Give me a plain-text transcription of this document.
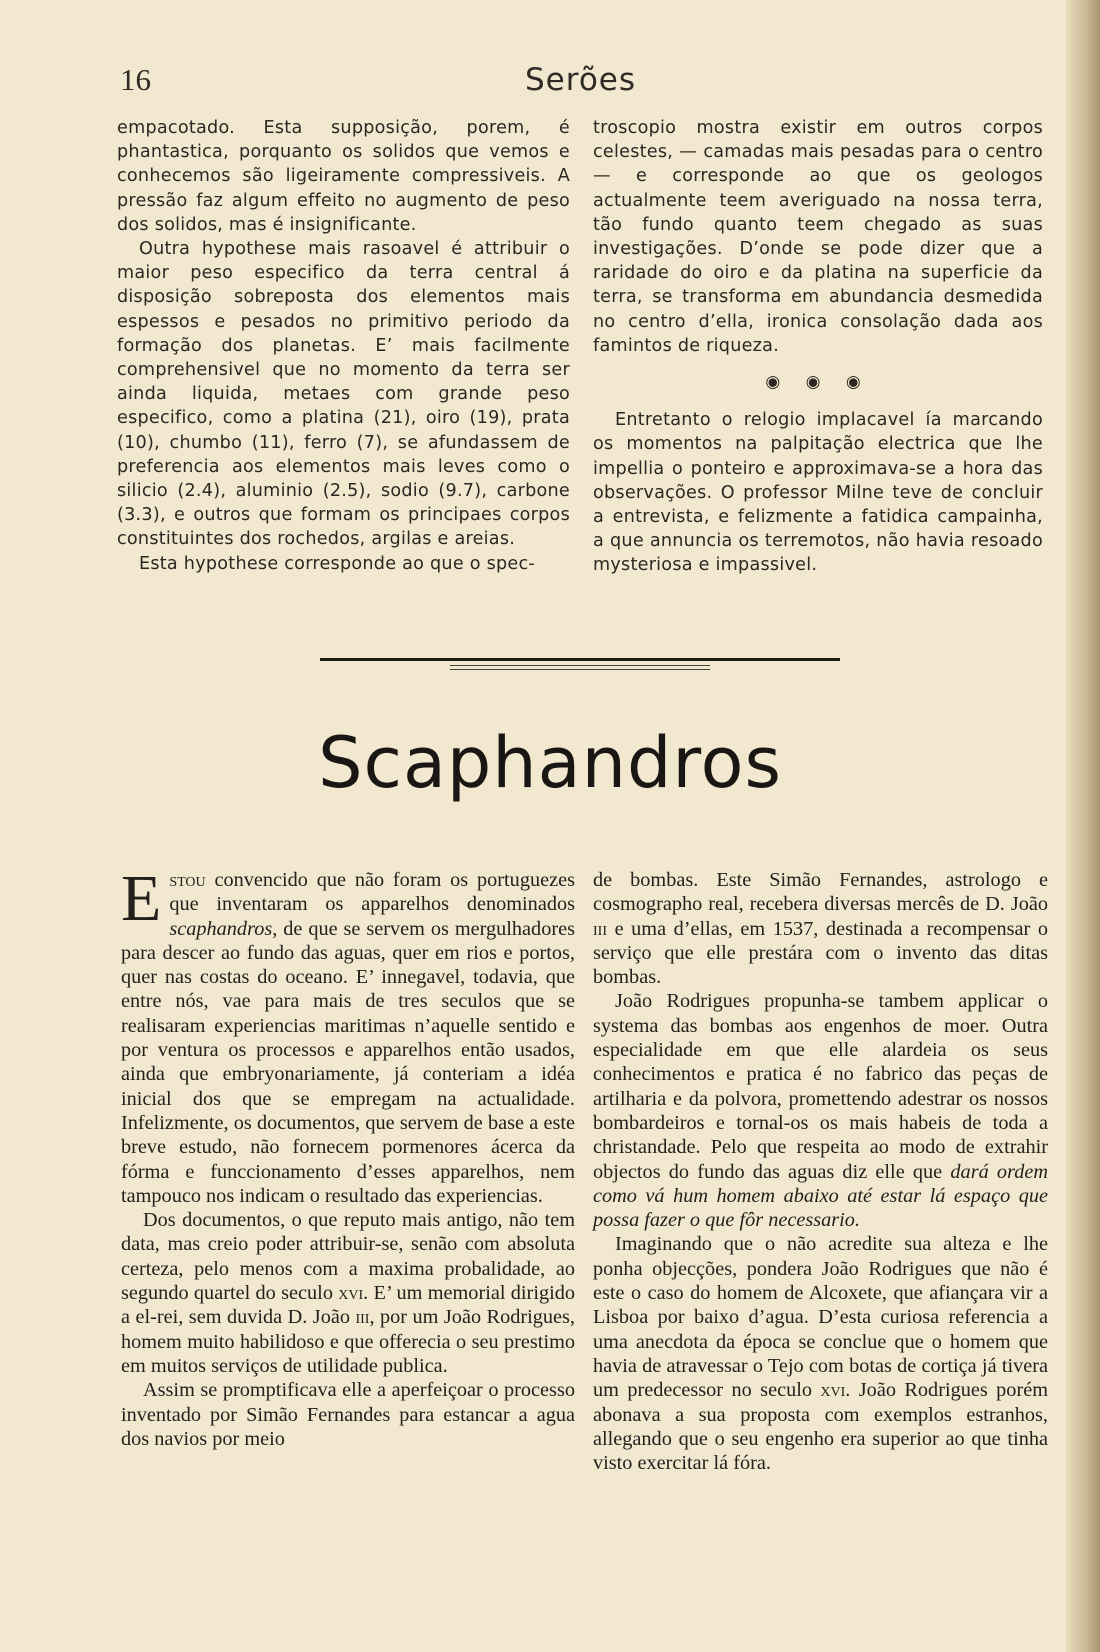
16	Serões

empacotado. Esta supposição, porem, é phantastica, porquanto os solidos que vemos e conhecemos são ligeiramente compressiveis. A pressão faz algum effeito no augmento de peso dos solidos, mas é insignificante.

Outra hypothese mais rasoavel é attribuir o maior peso especifico da terra central á disposição sobreposta dos elementos mais espessos e pesados no primitivo periodo da formação dos planetas. E’ mais facilmente comprehensivel que no momento da terra ser ainda liquida, metaes com grande peso especifico, como a platina (21), oiro (19), prata (10), chumbo (11), ferro (7), se afundassem de preferencia aos elementos mais leves como o silicio (2.4), aluminio (2.5), sodio (9.7), carbone (3.3), e outros que formam os principaes corpos constituintes dos rochedos, argilas e areias.

Esta hypothese corresponde ao que o spec-

troscopio mostra existir em outros corpos celestes, — camadas mais pesadas para o centro — e corresponde ao que os geologos actualmente teem averiguado na nossa terra, tão fundo quanto teem chegado as suas investigações. D’onde se pode dizer que a raridade do oiro e da platina na superficie da terra, se transforma em abundancia desmedida no centro d’ella, ironica consolação dada aos famintos de riqueza.

◉ ◉ ◉

Entretanto o relogio implacavel ía marcando os momentos na palpitação electrica que lhe impellia o ponteiro e approximava-se a hora das observações. O professor Milne teve de concluir a entrevista, e felizmente a fatidica campainha, a que annuncia os terremotos, não havia resoado mysteriosa e impassivel.

Scaphandros

Estou convencido que não foram os portuguezes que inventaram os apparelhos denominados scaphandros, de que se servem os mergulhadores para descer ao fundo das aguas, quer em rios e portos, quer nas costas do oceano. E’ innegavel, todavia, que entre nós, vae para mais de tres seculos que se realisaram experiencias maritimas n’aquelle sentido e por ventura os processos e apparelhos então usados, ainda que embryonariamente, já conteriam a idéa inicial dos que se empregam na actualidade. Infelizmente, os documentos, que servem de base a este breve estudo, não fornecem pormenores ácerca da fórma e funccionamento d’esses apparelhos, nem tampouco nos indicam o resultado das experiencias.

Dos documentos, o que reputo mais antigo, não tem data, mas creio poder attribuir-se, senão com absoluta certeza, pelo menos com a maxima probalidade, ao segundo quartel do seculo xvi. E’ um memorial dirigido a el-rei, sem duvida D. João iii, por um João Rodrigues, homem muito habilidoso e que offerecia o seu prestimo em muitos serviços de utilidade publica.

Assim se promptificava elle a aperfeiçoar o processo inventado por Simão Fernandes para estancar a agua dos navios por meio

de bombas. Este Simão Fernandes, astrologo e cosmographo real, recebera diversas mercês de D. João iii e uma d’ellas, em 1537, destinada a recompensar o serviço que elle prestára com o invento das ditas bombas.

João Rodrigues propunha-se tambem applicar o systema das bombas aos engenhos de moer. Outra especialidade em que elle alardeia os seus conhecimentos e pratica é no fabrico das peças de artilharia e da polvora, promettendo adestrar os nossos bombardeiros e tornal-os os mais habeis de toda a christandade. Pelo que respeita ao modo de extrahir objectos do fundo das aguas diz elle que dará ordem como vá hum homem abaixo até estar lá espaço que possa fazer o que fôr necessario.

Imaginando que o não acredite sua alteza e lhe ponha objecções, pondera João Rodrigues que não é este o caso do homem de Alcoxete, que afiançara vir a Lisboa por baixo d’agua. D’esta curiosa referencia a uma anecdota da época se conclue que o homem que havia de atravessar o Tejo com botas de cortiça já tivera um predecessor no seculo xvi. João Rodrigues porém abonava a sua proposta com exemplos estranhos, allegando que o seu engenho era superior ao que tinha visto exercitar lá fóra.
